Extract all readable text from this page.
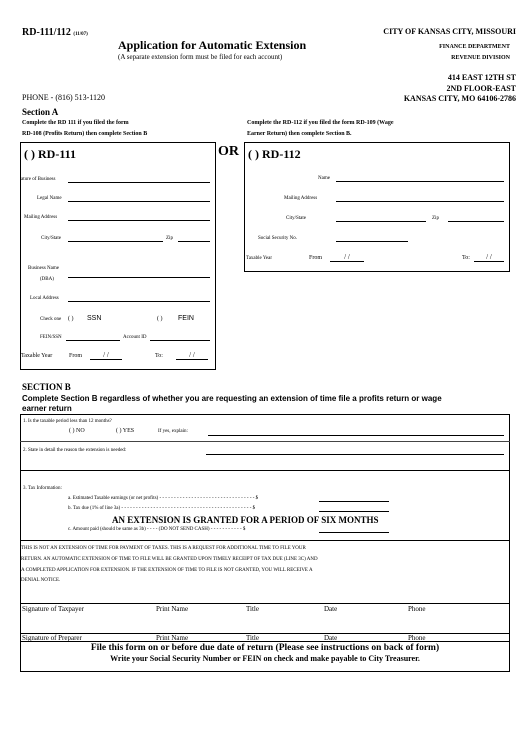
RD-111/112 (11/07)
Application for Automatic Extension
(A separate extension form must be filed for each account)
CITY OF KANSAS CITY, MISSOURI
FINANCE DEPARTMENT
REVENUE DIVISION
414 EAST 12TH ST
2ND FLOOR-EAST
KANSAS CITY, MO 64106-2786
PHONE - (816) 513-1120
Section A
Complete the RD 111 if you filed the form
RD-108 (Profits Return) then complete Section B
Complete the RD-112 if you filed the form RD-109 (Wage
Earner Return) then complete Section B.
( ) RD-111
ature of Business
Legal Name
Mailing Address
City/State	Zip
Business Name
(DBA)
Local Address
Check one ( ) SSN	( ) FEIN
FEIN/SSN	Account ID
Taxable Year	From	/ /	To:	/ /
OR ( ) RD-112
Name
Mailing Address
City/State	Zip
Social Security No.
Taxable Year	From	/ /	To:	/ /
SECTION B
Complete Section B regardless of whether you are requesting an extension of time file a profits return or wage
earner return
1. Is the taxable period less than 12 months?
( ) NO	( ) YES	If yes, explain:
2. State in detail the reason the extension is needed:
3. Tax Information:
a. Estimated Taxable earnings (or net profits) - - - - - - - - - - - - - - - - - - - - - - - - - - - - - - - - - $
b. Tax due (1% of line 3a) - - - - - - - - - - - - - - - - - - - - - - - - - - - - - - - - - - - - - - - - - - - - - $
AN EXTENSION IS GRANTED FOR A PERIOD OF SIX MONTHS
c. Amount paid (should be same as 3b) - - - - (DO NOT SEND CASH) - - - - - - - - - - - $
THIS IS NOT AN EXTENSION OF TIME FOR PAYMENT OF TAXES. THIS IS A REQUEST FOR ADDITIONAL TIME TO FILE YOUR
RETURN. AN AUTOMATIC EXTENSION OF TIME TO FILE WILL BE GRANTED UPON TIMELY RECEIPT OF TAX DUE (LINE 3C) AND
A COMPLETED APPLICATION FOR EXTENSION. IF THE EXTENSION OF TIME TO FILE IS NOT GRANTED, YOU WILL RECEIVE A
DENIAL NOTICE.
Signature of Taxpayer	Print Name	Title	Date	Phone
Signature of Preparer	Print Name	Title	Date	Phone
File this form on or before due date of return (Please see instructions on back of form)
Write your Social Security Number or FEIN on check and make payable to City Treasurer.
